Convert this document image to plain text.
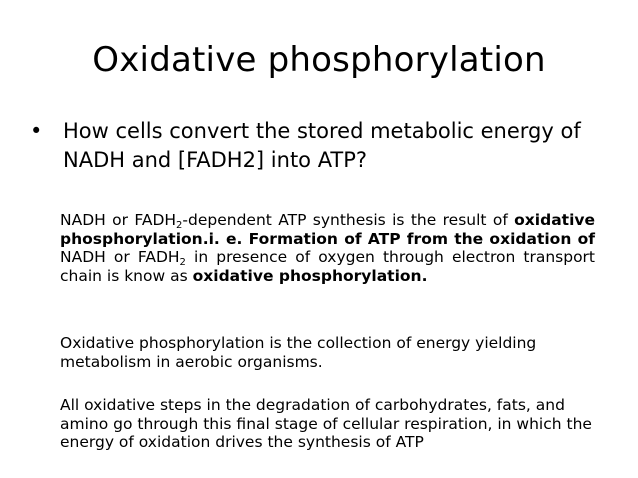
Oxidative phosphorylation
• How cells convert the stored metabolic energy of NADH and [FADH2] into ATP?
NADH or $FADH_2$-dependent ATP synthesis is the result of oxidative phosphorylation.i. e. Formation of ATP from the oxidation of NADH or $FADH_2$ in presence of oxygen through electron transport chain is know as oxidative phosphorylation.
Oxidative phosphorylation is the collection of energy yielding metabolism in aerobic organisms.
All oxidative steps in the degradation of carbohydrates, fats, and amino go through this final stage of cellular respiration, in which the energy of oxidation drives the synthesis of ATP
